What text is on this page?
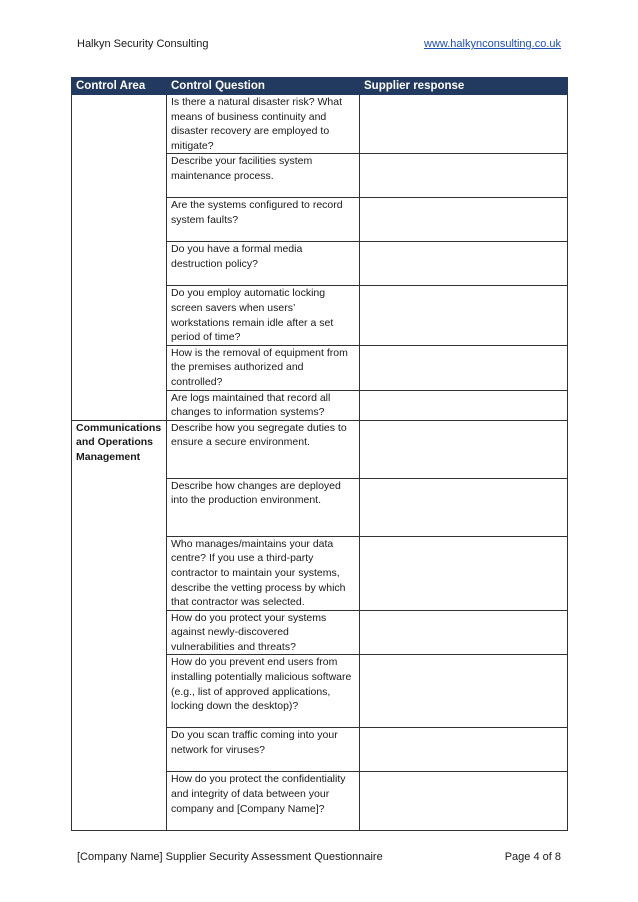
Halkyn Security Consulting	www.halkynconsulting.co.uk
Control Area	Control Question	Supplier response
	Is there a natural disaster risk? What means of business continuity and disaster recovery are employed to mitigate?	
	Describe your facilities system maintenance process.	
	Are the systems configured to record system faults?	
	Do you have a formal media destruction policy?	
	Do you employ automatic locking screen savers when users’ workstations remain idle after a set period of time?	
	How is the removal of equipment from the premises authorized and controlled?	
	Are logs maintained that record all changes to information systems?	
Communications and Operations Management	Describe how you segregate duties to ensure a secure environment.	
	Describe how changes are deployed into the production environment.	
	Who manages/maintains your data centre? If you use a third-party contractor to maintain your systems, describe the vetting process by which that contractor was selected.	
	How do you protect your systems against newly-discovered vulnerabilities and threats?	
	How do you prevent end users from installing potentially malicious software (e.g., list of approved applications, locking down the desktop)?	
	Do you scan traffic coming into your network for viruses?	
	How do you protect the confidentiality and integrity of data between your company and [Company Name]?	
[Company Name] Supplier Security Assessment Questionnaire	Page 4 of 8
